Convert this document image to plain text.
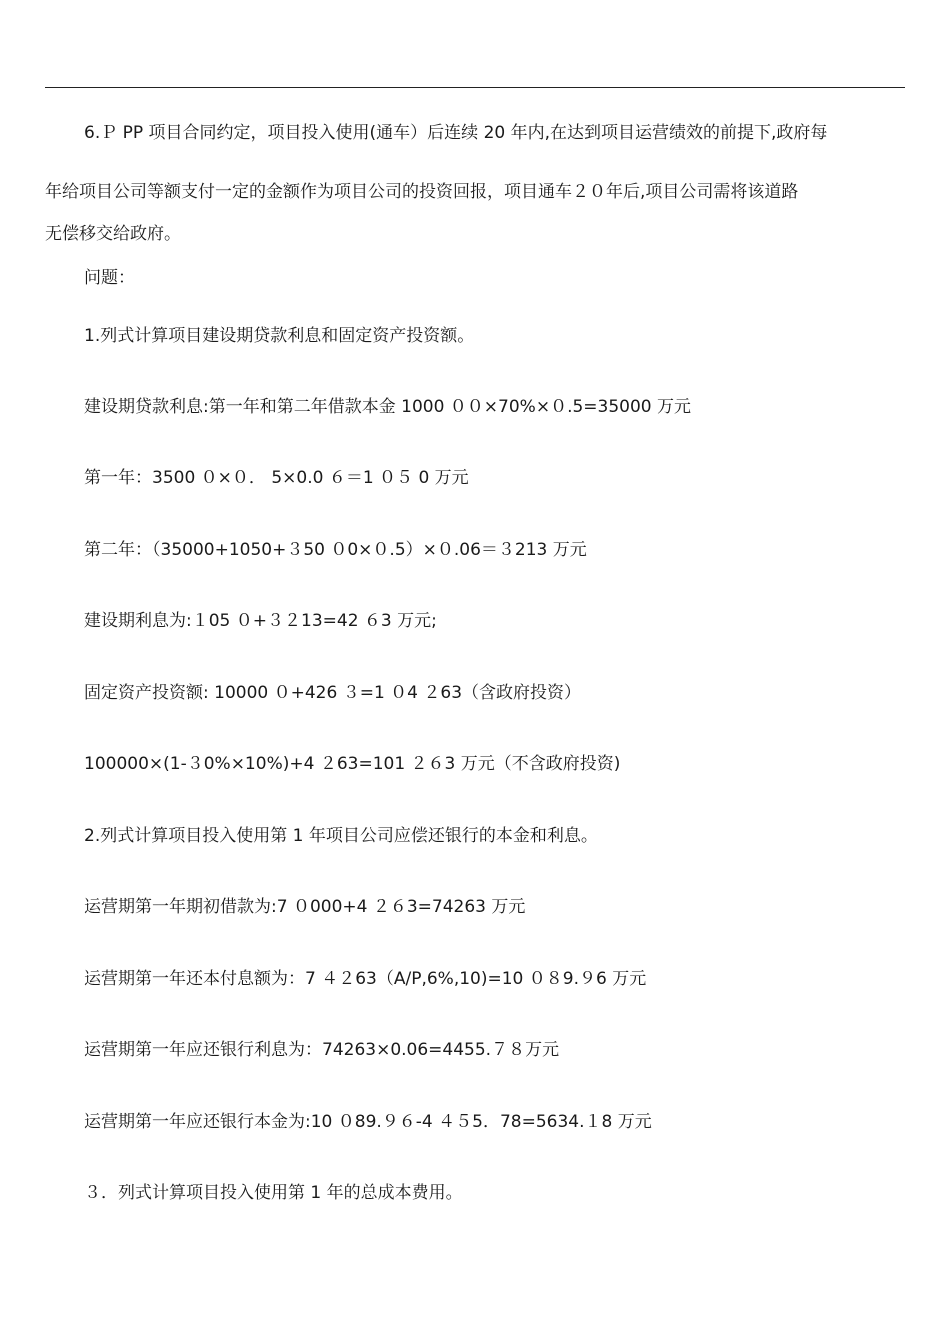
6.Ｐ PP 项目合同约定，项目投入使用(通车）后连续 20 年内,在达到项目运营绩效的前提下,政府每

年给项目公司等额支付一定的金额作为项目公司的投资回报，项目通车２０年后,项目公司需将该道路

无偿移交给政府。

问题：

1.列式计算项目建设期贷款利息和固定资产投资额。

建设期贷款利息:第一年和第二年借款本金 1000 ００×70%×０.5=35000 万元

第一年：3500 ０×０． 5×0.0 ６＝1 ０５ 0 万元

第二年：（35000+1050+３50 ０0×０.5）×０.06＝３213 万元

建设期利息为:１05 ０+３２13=42 ６3 万元;

固定资产投资额: 10000 ０+426 ３=1 ０4 ２63（含政府投资）

100000×(1-３0%×10%)+4 ２63=101 ２６3 万元（不含政府投资)

2.列式计算项目投入使用第 1 年项目公司应偿还银行的本金和利息。

运营期第一年期初借款为:7 ０000+4 ２６3=74263 万元

运营期第一年还本付息额为：7 ４２63（A/P,6%,10)=10 ０８9.９6 万元

运营期第一年应还银行利息为：74263×0.06=4455.７８万元

运营期第一年应还银行本金为:10 ０89.９６-4 ４５5．78=5634.１8 万元

３．列式计算项目投入使用第 1 年的总成本费用。
